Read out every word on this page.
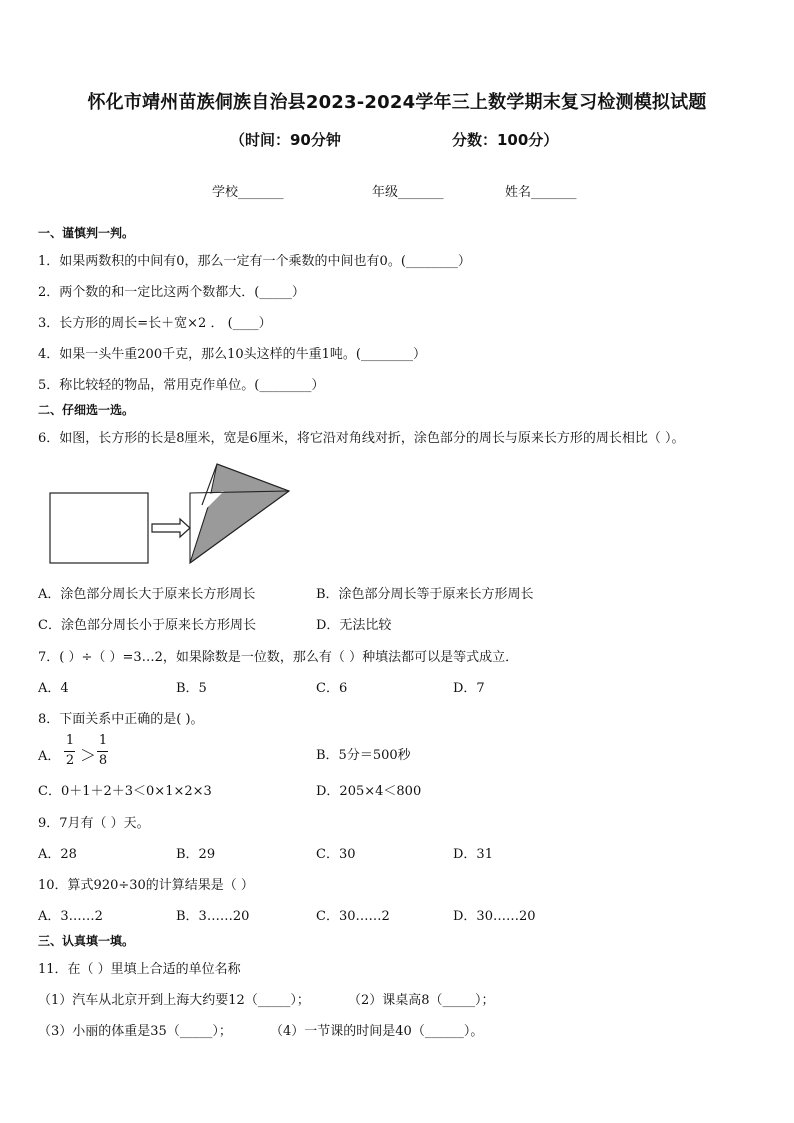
怀化市靖州苗族侗族自治县2023-2024学年三上数学期末复习检测模拟试题
（时间：90分钟	分数：100分）
学校_______	年级_______	姓名_______
一、谨慎判一判。
1．如果两数积的中间有0，那么一定有一个乘数的中间也有0。(________）
2．两个数的和一定比这两个数都大．(_____）
3．长方形的周长=长＋宽×2 ． (____）
4．如果一头牛重200千克，那么10头这样的牛重1吨。(________）
5．称比较轻的物品，常用克作单位。(________）
二、仔细选一选。
6．如图，长方形的长是8厘米，宽是6厘米，将它沿对角线对折，涂色部分的周长与原来长方形的周长相比（ ）。
A．涂色部分周长大于原来长方形周长	B．涂色部分周长等于原来长方形周长
C．涂色部分周长小于原来长方形周长	D．无法比较
7．( ）÷（ ）=3…2，如果除数是一位数，那么有（ ）种填法都可以是等式成立．
A．4	B．5	C．6	D．7
8．下面关系中正确的是( )。
A．
1
2 ＞
1
8	B．5分＝500秒
C．0＋1＋2＋3＜0×1×2×3	D．205×4＜800
9．7月有（ ）天。
A．28	B．29	C．30	D．31
10．算式920÷30的计算结果是（ ）
A．3……2	B．3……20	C．30……2	D．30……20
三、认真填一填。
11．在（ ）里填上合适的单位名称
（1）汽车从北京开到上海大约要12（_____）；	（2）课桌高8（_____）；
（3）小丽的体重是35（_____）；	（4）一节课的时间是40（______）。
